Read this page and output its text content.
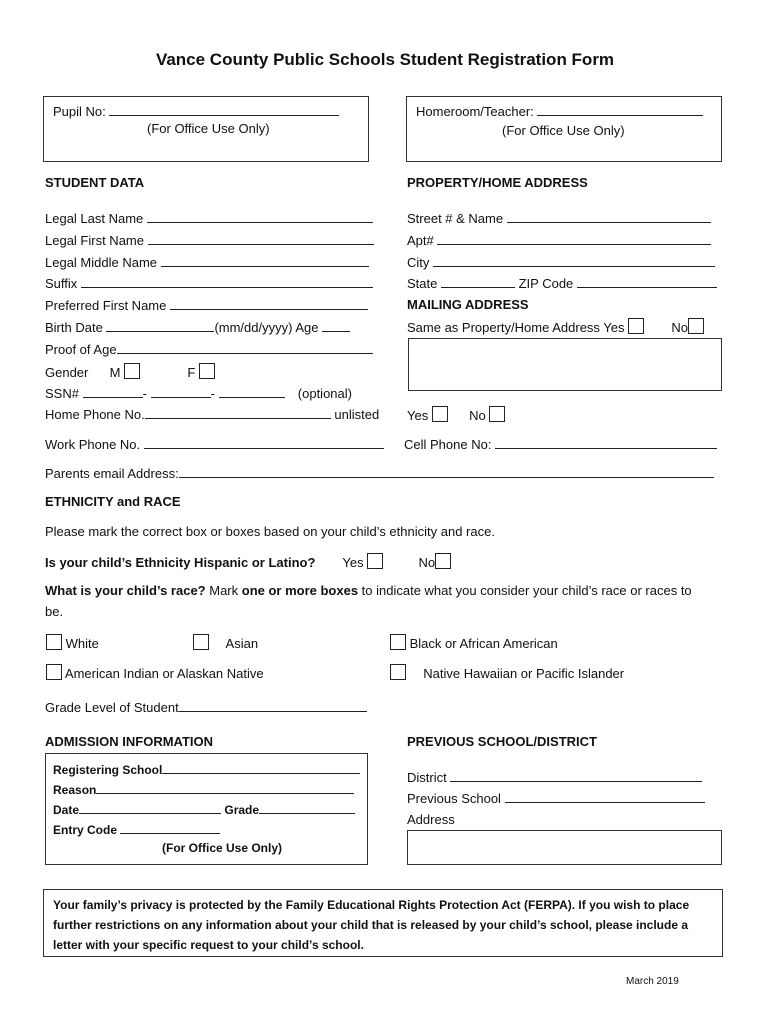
Vance County Public Schools Student Registration Form
Pupil No:
(For Office Use Only)
Homeroom/Teacher:
(For Office Use Only)
STUDENT DATA	PROPERTY/HOME ADDRESS
Legal Last Name
Legal First Name
Legal Middle Name
Suffix
Preferred First Name
Birth Date	(mm/dd/yyyy) Age
Proof of Age
Gender M	F
SSN#	-	-	(optional)
Home Phone No.	unlisted Yes	No
Work Phone No.	Cell Phone No:
Parents email Address:
Street # & Name
Apt#
City
State	ZIP Code
MAILING ADDRESS
Same as Property/Home Address Yes	No
ETHNICITY and RACE
Please mark the correct box or boxes based on your child’s ethnicity and race.
Is your child’s Ethnicity Hispanic or Latino? Yes	No
What is your child’s race? Mark one or more boxes to indicate what you consider your child’s race or races to
be.
White	Asian	Black or African American
American Indian or Alaskan Native	Native Hawaiian or Pacific Islander
Grade Level of Student
ADMISSION INFORMATION	PREVIOUS SCHOOL/DISTRICT
Registering School
Reason
Date	Grade
Entry Code
(For Office Use Only)
District
Previous School
Address
Your family’s privacy is protected by the Family Educational Rights Protection Act (FERPA). If you wish to place further restrictions on any information about your child that is released by your child’s school, please include a letter with your specific request to your child’s school.
March 2019
